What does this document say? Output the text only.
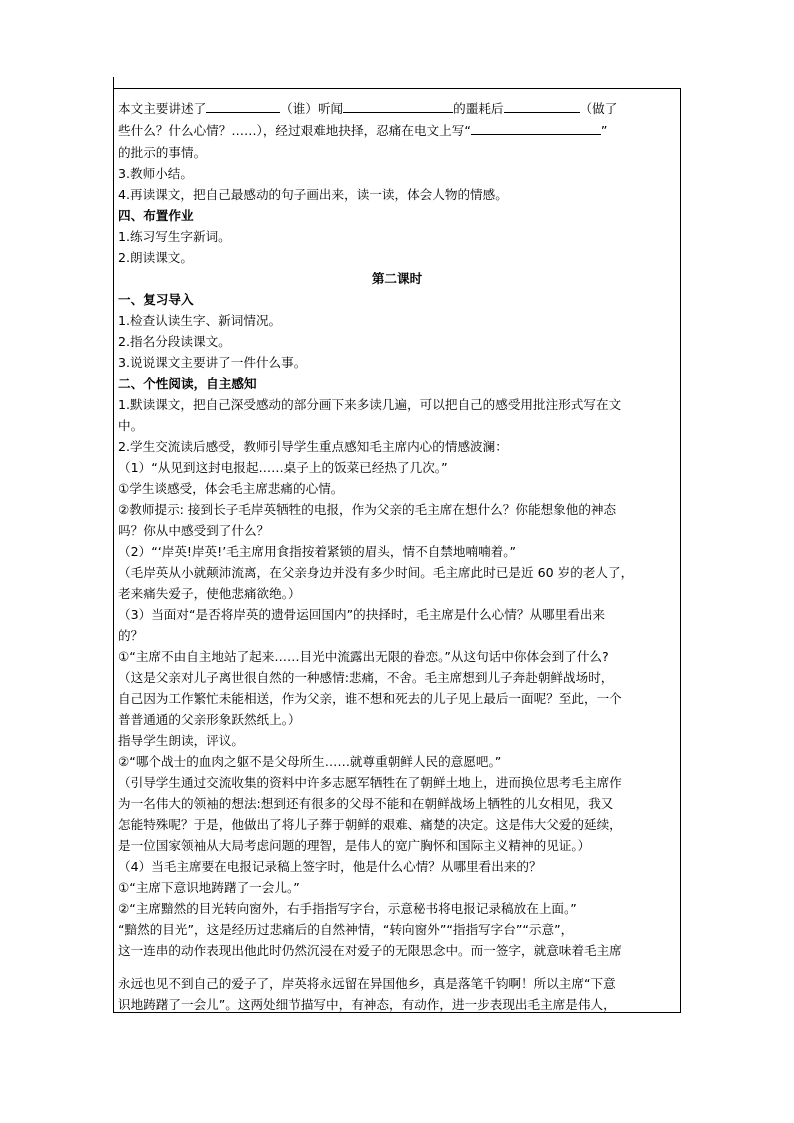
本文主要讲述了	（谁）听闻	的噩耗后	（做了
些什么？什么心情？……），经过艰难地抉择，忍痛在电文上写“	”
的批示的事情。
3.教师小结。
4.再读课文，把自己最感动的句子画出来，读一读，体会人物的情感。
四、布置作业
1.练习写生字新词。
2.朗读课文。
第二课时
一、复习导入
1.检查认读生字、新词情况。
2.指名分段读课文。
3.说说课文主要讲了一件什么事。
二、个性阅读，自主感知
1.默读课文，把自己深受感动的部分画下来多读几遍，可以把自己的感受用批注形式写在文
中。
2.学生交流读后感受，教师引导学生重点感知毛主席内心的情感波澜：
（1）“从见到这封电报起……桌子上的饭菜已经热了几次。”
①学生谈感受，体会毛主席悲痛的心情。
②教师提示: 接到长子毛岸英牺牲的电报，作为父亲的毛主席在想什么？你能想象他的神态
吗？你从中感受到了什么？
（2）“‘岸英!岸英!’毛主席用食指按着紧锁的眉头，情不自禁地喃喃着。”
（毛岸英从小就颠沛流离，在父亲身边并没有多少时间。毛主席此时已是近 60 岁的老人了，
老来痛失爱子，使他悲痛欲绝。）
（3）当面对“是否将岸英的遗骨运回国内”的抉择时，毛主席是什么心情？从哪里看出来
的？
①“主席不由自主地站了起来……目光中流露出无限的眷恋。”从这句话中你体会到了什么?
（这是父亲对儿子离世很自然的一种感情:悲痛，不舍。毛主席想到儿子奔赴朝鲜战场时，
自己因为工作繁忙未能相送，作为父亲，谁不想和死去的儿子见上最后一面呢？至此，一个
普普通通的父亲形象跃然纸上。）
指导学生朗读，评议。
②“哪个战士的血肉之躯不是父母所生……就尊重朝鲜人民的意愿吧。”
（引导学生通过交流收集的资料中许多志愿军牺牲在了朝鲜土地上，进而换位思考毛主席作
为一名伟大的领袖的想法:想到还有很多的父母不能和在朝鲜战场上牺牲的儿女相见，我又
怎能特殊呢？于是，他做出了将儿子葬于朝鲜的艰难、痛楚的决定。这是伟大父爱的延续，
是一位国家领袖从大局考虑问题的理智，是伟人的宽广胸怀和国际主义精神的见证。）
（4）当毛主席要在电报记录稿上签字时，他是什么心情？从哪里看出来的？
①“主席下意识地踌躇了一会儿。”
②“主席黯然的目光转向窗外，右手指指写字台，示意秘书将电报记录稿放在上面。”
“黯然的目光”，这是经历过悲痛后的自然神情，“转向窗外”“指指写字台”“示意”，
这一连串的动作表现出他此时仍然沉浸在对爱子的无限思念中。而一签字，就意味着毛主席
永远也见不到自己的爱子了，岸英将永远留在异国他乡，真是落笔千钧啊！所以主席“下意
识地踌躇了一会儿”。这两处细节描写中，有神态，有动作，进一步表现出毛主席是伟人，
